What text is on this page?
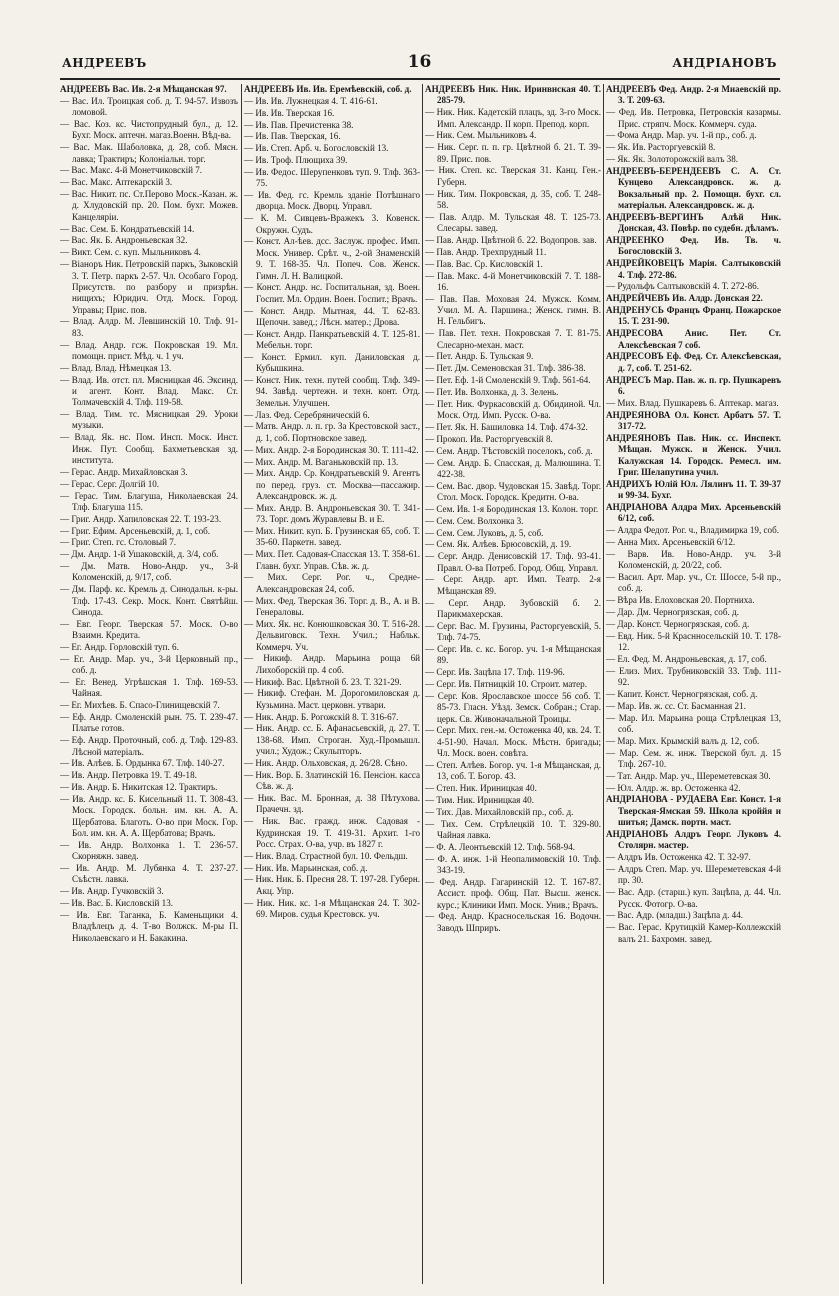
АНДРЕЕВЪ	16	АНДРIАНОВЪ
АНДРЕЕВЪ Вас. Ив. 2-я Мѣщанская 97.
— Вас. Ил. Троицкая соб. д. Т. 94-57. Извозъ ломовой.
— Вас. Коз. кс. Чистопрудный бул., д. 12. Бухг. Моск. аптечн. магаз.Военн. Вѣд-ва.
— Вас. Мак. Шаболовка, д. 28, соб. Мясн. лавка; Трактиръ; Колоніальн. торг.
— Вас. Макс. 4-й Монетчиковскій 7.
— Вас. Макс. Аптекарскій 3.
— Вас. Никит. пс. Ст.Перово Моск.-Казан. ж. д. Хлудовскій пр. 20. Пом. бухг. Можев. Канцеляріи.
— Вас. Сем. Б. Кондратьевскій 14.
— Вас. Як. Б. Андроньевская 32.
— Викт. Сем. с. куп. Мыльниковъ 4.
— Віаноръ Ник. Петровскій паркъ, Зыковскій 3. Т. Петр. паркъ 2-57. Чл. Особаго Город. Присутств. по разбору и призрѣн. нищихъ; Юридич. Отд. Моск. Город. Управы; Прис. пов.
— Влад. Алдр. М. Левшинскій 10. Тлф. 91-83.
— Влад. Андр. гсж. Покровская 19. Мл. помощн. прист. Мѣд. ч. 1 уч.
— Влад. Влад. Нѣмецкая 13.
— Влад. Ив. отст. пл. Мясницкая 46. Эксинд. и агент. Конт. Влад. Макс. Ст. Толмачевскій 4. Тлф. 119-58.
— Влад. Тим. тс. Мясницкая 29. Уроки музыки.
— Влад. Як. нс. Пом. Инсп. Моск. Инст. Инж. Пут. Сообщ. Бахметьевская зд. института.
— Герас. Андр. Михайловская 3.
— Герас. Серг. Долгій 10.
— Герас. Тим. Благуша, Николаевская 24. Тлф. Благуша 115.
— Григ. Андр. Хапиловская 22. Т. 193-23.
— Григ. Ефим. Арсеньевскій, д. 1, соб.
— Григ. Степ. гс. Столовый 7.
— Дм. Андр. 1-й Ушаковскій, д. 3/4, соб.
— Дм. Матв. Ново-Андр. уч., 3-й Коломенскій, д. 9/17, соб.
— Дм. Парф. кс. Кремль д. Синодальн. к-ры. Тлф. 17-43. Секр. Моск. Конт. Святѣйш. Синода.
— Евг. Георг. Тверская 57. Моск. О-во Взаимн. Кредита.
— Ег. Андр. Горловскій туп. 6.
— Ег. Андр. Мар. уч., 3-й Церковный пр., соб. д.
— Ег. Венед. Угрѣшская 1. Тлф. 169-53. Чайная.
— Ег. Михѣев. Б. Спасо-Глинищевскій 7.
— Еф. Андр. Смоленскій рын. 75. Т. 239-47. Платье готов.
— Еф. Андр. Проточный, соб. д. Тлф. 129-83. Лѣсной матеріалъ.
— Ив. Алѣев. Б. Ордынка 67. Тлф. 140-27.
— Ив. Андр. Петровка 19. Т. 49-18.
— Ив. Андр. Б. Никитская 12. Трактиръ.
— Ив. Андр. кс. Б. Кисельный 11. Т. 308-43. Моск. Городск. больн. им. кн. А. А. Щербатова. Благоть. О-во при Моск. Гор. Бол. им. кн. А. А. Щербатова; Врачъ.
— Ив. Андр. Волхонка 1. Т. 236-57. Скорняжн. завед.
— Ив. Андр. М. Лубянка 4. Т. 237-27. Съѣстн. лавка.
— Ив. Андр. Гучковскій 3.
— Ив. Вас. Б. Кисловскій 13.
— Ив. Евг. Таганка, Б. Каменьщики 4. Владѣлецъ д. 4. Т-во Волжск. М-ры П. Николаевскаго и Н. Бакакина.
АНДРЕЕВЪ Ив. Ив. Еремѣевскій, соб. д.
— Ив. Ив. Лужнецкая 4. Т. 416-61.
— Ив. Ив. Тверская 16.
— Ив. Пав. Пречистенка 38.
— Ив. Пав. Тверская, 16.
— Ив. Степ. Арб. ч. Богословскій 13.
— Ив. Троф. Плющиха 39.
— Ив. Федос. Шерупенковъ туп. 9. Тлф. 363-75.
— Ив. Фед. гс. Кремль зданіе Потѣшнаго дворца. Моск. Дворц. Управл.
— К. М. Сивцевъ-Вражекъ 3. Ковенск. Окружн. Судъ.
— Конст. Ал-ѣев. дсс. Заслуж. профес. Имп. Моск. Универ. Срѣт. ч., 2-ой Знаменскій 9. Т. 168-35. Чл. Попеч. Сов. Женск. Гимн. Л. Н. Валицкой.
— Конст. Андр. нс. Госпитальная, зд. Воен. Госпит. Мл. Ордин. Воен. Госпит.; Врачъ.
— Конст. Андр. Мытная, 44. Т. 62-83. Щепочн. завед.; Лѣсн. матер.; Дрова.
— Конст. Андр. Панкратьевскій 4. Т. 125-81. Мебельн. торг.
— Конст. Ермил. куп. Даниловская д. Кубышкина.
— Конст. Ник. техн. путей сообщ. Тлф. 349-94. Завѣд. чертежн. и техн. конт. Отд. Земельн. Улучшен.
— Лаз. Фед. Серебряническій 6.
— Матв. Андр. л. п. гр. За Крестовской заст., д. 1, соб. Портновское завед.
— Мих. Андр. 2-я Бородинская 30. Т. 111-42.
— Мих. Андр. М. Ваганьковскій пр. 13.
— Мих. Андр. Ср. Кондратьевскій 9. Агентъ по перед. груз. ст. Москва—пассажир. Александровск. ж. д.
— Мих. Андр. В. Андроньевская 30. Т. 341-73. Торг. домъ Журавлевы В. и Е.
— Мих. Никит. куп. Б. Грузинская 65, соб. Т. 35-60. Паркетн. завед.
— Мих. Пет. Садовая-Спасская 13. Т. 358-61. Главн. бухг. Управ. Сѣв. ж. д.
— Мих. Серг. Рог. ч., Средне-Александровская 24, соб.
— Мих. Фед. Тверская 36. Торг. д. В., А. и В. Генераловы.
— Мих. Як. нс. Конюшковская 30. Т. 516-28. Дельвиговск. Техн. Учил.; Набльк. Коммерч. Уч.
— Никиф. Андр. Марьина роща 6й Лихоборскій пр. 4 соб.
— Никиф. Вас. Цвѣтной б. 23. Т. 321-29.
— Никиф. Стефан. М. Дорогомиловская д. Кузьмина. Маст. церковн. утвари.
— Ник. Андр. Б. Рогожскій 8. Т. 316-67.
— Ник. Андр. сс. Б. Афанасьевскій, д. 27. Т. 138-68. Имп. Строган. Худ.-Промышл. учил.; Худож.; Скульпторъ.
— Ник. Андр. Ольховская, д. 26/28. Сѣно.
— Ник. Вор. Б. Златинскій 16. Пенсіон. касса Сѣв. ж. д.
— Ник. Вас. М. Бронная, д. 38 Пѣтухова. Прачечн. зд.
— Ник. Вас. гражд. инж. Садовая - Кудринская 19. Т. 419-31. Архит. 1-го Росс. Страх. О-ва, учр. въ 1827 г.
— Ник. Влад. Страстной бул. 10. Фельдш.
— Ник. Ив. Марьинская, соб. д.
— Ник. Ник. Б. Пресня 28. Т. 197-28. Губерн. Акц. Упр.
— Ник. Ник. кс. 1-я Мѣщанская 24. Т. 302-69. Миров. судья Крестовск. уч.
АНДРЕЕВЪ Ник. Ник. Иринвнская 40. Т. 285-79.
— Ник. Ник. Кадетскій плацъ, зд. 3-го Моск. Имп. Александр. II корп. Препод. корп.
— Ник. Сем. Мыльниковъ 4.
— Ник. Серг. п. п. гр. Цвѣтной б. 21. Т. 39-89. Прис. пов.
— Ник. Степ. кс. Тверская 31. Канц. Ген.-Губерн.
— Ник. Тим. Покровская, д. 35, соб. Т. 248-58.
— Пав. Алдр. М. Тульская 48. Т. 125-73. Слесары. завед.
— Пав. Андр. Цвѣтной б. 22. Водопров. зав.
— Пав. Андр. Трехпрудный 11.
— Пав. Вас. Ср. Кисловскій 1.
— Пав. Макс. 4-й Монетчиковскій 7. Т. 188-16.
— Пав. Пав. Моховая 24. Мужск. Комм. Учил. М. А. Паршина.; Женск. гимн. В. Н. Гельбигъ.
— Пав. Пет. техн. Покровская 7. Т. 81-75. Слесарно-механ. маст.
— Пет. Андр. Б. Тульская 9.
— Пет. Дм. Семеновская 31. Тлф. 386-38.
— Пет. Еф. 1-й Смоленскій 9. Тлф. 561-64.
— Пет. Ив. Волхонка, д. 3. Зелень.
— Пет. Ник. Фуркасовскій д. Обидиной. Чл. Моск. Отд. Имп. Русск. О-ва.
— Пет. Як. Н. Башиловка 14. Тлф. 474-32.
— Прокоп. Ив. Расторгуевскій 8.
— Сем. Андр. Тѣстовскій поселокъ, соб. д.
— Сем. Андр. Б. Спасская, д. Малюшина. Т. 422-38.
— Сем. Вас. двор. Чудовская 15. Завѣд. Торг. Стол. Моск. Городск. Кредитн. О-ва.
— Сем. Ив. 1-я Бородинская 13. Колон. торг.
— Сем. Сем. Волхонка 3.
— Сем. Сем. Луковъ, д. 5, соб.
— Сем. Як. Алѣев. Брюсовскій, д. 19.
— Серг. Андр. Денисовскій 17. Тлф. 93-41. Правл. О-ва Потреб. Город. Общ. Управл.
— Серг. Андр. арт. Имп. Театр. 2-я Мѣщанская 89.
— Серг. Андр. Зубовскій б. 2. Парикмахерская.
— Серг. Вас. М. Грузины, Расторгуевскій, 5. Тлф. 74-75.
— Серг. Ив. с. кс. Богор. уч. 1-я Мѣщанская 89.
— Серг. Ив. Зацѣпа 17. Тлф. 119-96.
— Серг. Ив. Пятницкій 10. Строит. матер.
— Серг. Ков. Ярославское шоссе 56 соб. Т. 85-73. Гласн. Уѣзд. Земск. Собран.; Стар. церк. Св. Живоначальной Троицы.
— Серг. Мих. ген.-м. Остоженка 40, кв. 24. Т. 4-51-90. Начал. Моск. Мѣстн. бригады; Чл. Моск. воен. совѣта.
— Степ. Алѣев. Богор. уч. 1-я Мѣщанская, д. 13, соб. Т. Богор. 43.
— Степ. Ник. Ириницкая 40.
— Тим. Ник. Ириницкая 40.
— Тих. Дав. Михайловскій пр., соб. д.
— Тих. Сем. Стрѣлецкій 10. Т. 329-80. Чайная лавка.
— Ф. А. Леонтьевскій 12. Тлф. 568-94.
— Ф. А. инж. 1-й Неопалимовскій 10. Тлф. 343-19.
— Фед. Андр. Гагаринскій 12. Т. 167-87. Ассист. проф. Общ. Пат. Высш. женск. курс.; Клиники Имп. Моск. Унив.; Врачъ.
— Фед. Андр. Красносельская 16. Водочн. Заводъ Шприръ.
АНДРЕЕВЪ Фед. Андр. 2-я Миаевскій пр. 3. Т. 209-63.
— Фед. Ив. Петровка, Петровскія казармы. Прис. стряпч. Моск. Коммерч. суда.
— Фома Андр. Мар. уч. 1-й пр., соб. д.
— Як. Ив. Расторгуевскій 8.
— Як. Як. Золоторожскій валъ 38.
АНДРЕЕВЪ-БЕРЕНДЕЕВЪ С. А. Ст. Кунцево Александровск. ж. д. Вокзальный пр. 2. Помощн. бухг. сл. матеріальн. Александровск. ж. д.
АНДРЕЕВЪ-ВЕРГИНЪ Алѣй Ник. Донская, 43. Повѣр. по судебн. дѣламъ.
АНДРЕЕНКО Фед. Ив. Тв. ч. Богословскій 3.
АНДРЕЙКОВЕЦЪ Марія. Салтыковскій 4. Тлф. 272-86.
— Рудольфъ Салтыковскій 4. Т. 272-86.
АНДРЕЙЧЕВЪ Ив. Алдр. Донская 22.
АНДРЕНУСЬ Францъ Франц. Пожарское 15. Т. 231-90.
АНДРЕСОВА Анис. Пет. Ст. Алексѣевская 7 соб.
АНДРЕСОВЪ Еф. Фед. Ст. Алексѣевская, д. 7, соб. Т. 251-62.
АНДРЕСЪ Мар. Пав. ж. п. гр. Пушкаревъ 6.
— Мих. Влад. Пушкаревъ 6. Аптекар. магаз.
АНДРЕЯНОВА Ол. Конст. Арбатъ 57. Т. 317-72.
АНДРЕЯНОВЪ Пав. Ник. сс. Инспект. Мѣщан. Мужск. и Женск. Учил. Калужская 14. Городск. Ремесл. им. Григ. Шелапутина учил.
АНДРИХЪ Юлій Юл. Лялинъ 11. Т. 39-37 и 99-34. Бухг.
АНДРIАНОВА Алдра Мих. Арсеньевскій 6/12, соб.
— Алдра Федот. Рог. ч., Владимирка 19, соб.
— Анна Мих. Арсеньевскій 6/12.
— Варв. Ив. Ново-Андр. уч. 3-й Коломенскій, д. 20/22, соб.
— Васил. Арт. Мар. уч., Ст. Шоссе, 5-й пр., соб. д.
— Вѣра Ив. Елоховская 20. Портниха.
— Дар. Дм. Черногрязская, соб. д.
— Дар. Конст. Черногрязская, соб. д.
— Евд. Ник. 5-й Краснносельскій 10. Т. 178-12.
— Ел. Фед. М. Андроньевская, д. 17, соб.
— Елиз. Мих. Трубниковскій 33. Тлф. 111-92.
— Капит. Конст. Черногрязская, соб. д.
— Мар. Ив. ж. сс. Ст. Басманная 21.
— Мар. Ил. Марьина роща Стрѣлецкая 13, соб.
— Мар. Мих. Крымскій валъ д. 12, соб.
— Мар. Сем. ж. инж. Тверской бул. д. 15 Тлф. 267-10.
— Тат. Андр. Мар. уч., Шереметевская 30.
— Юл. Алдр. ж. вр. Остоженка 42.
АНДРIАНОВА - РУДАЕВА Евг. Конст. 1-я Тверская-Ямская 59. Школа кроййя и шитья; Дамск. портн. маст.
АНДРIАНОВЪ Алдръ Георг. Луковъ 4. Столярн. мастер.
— Алдръ Ив. Остоженка 42. Т. 32-97.
— Алдръ Степ. Мар. уч. Шереметевская 4-й пр. 30.
— Вас. Адр. (старш.) куп. Зацѣпа, д. 44. Чл. Русск. Фотогр. О-ва.
— Вас. Адр. (младш.) Зацѣпа д. 44.
— Вас. Герас. Крутицкій Камер-Коллежскій валъ 21. Бахромн. завед.
